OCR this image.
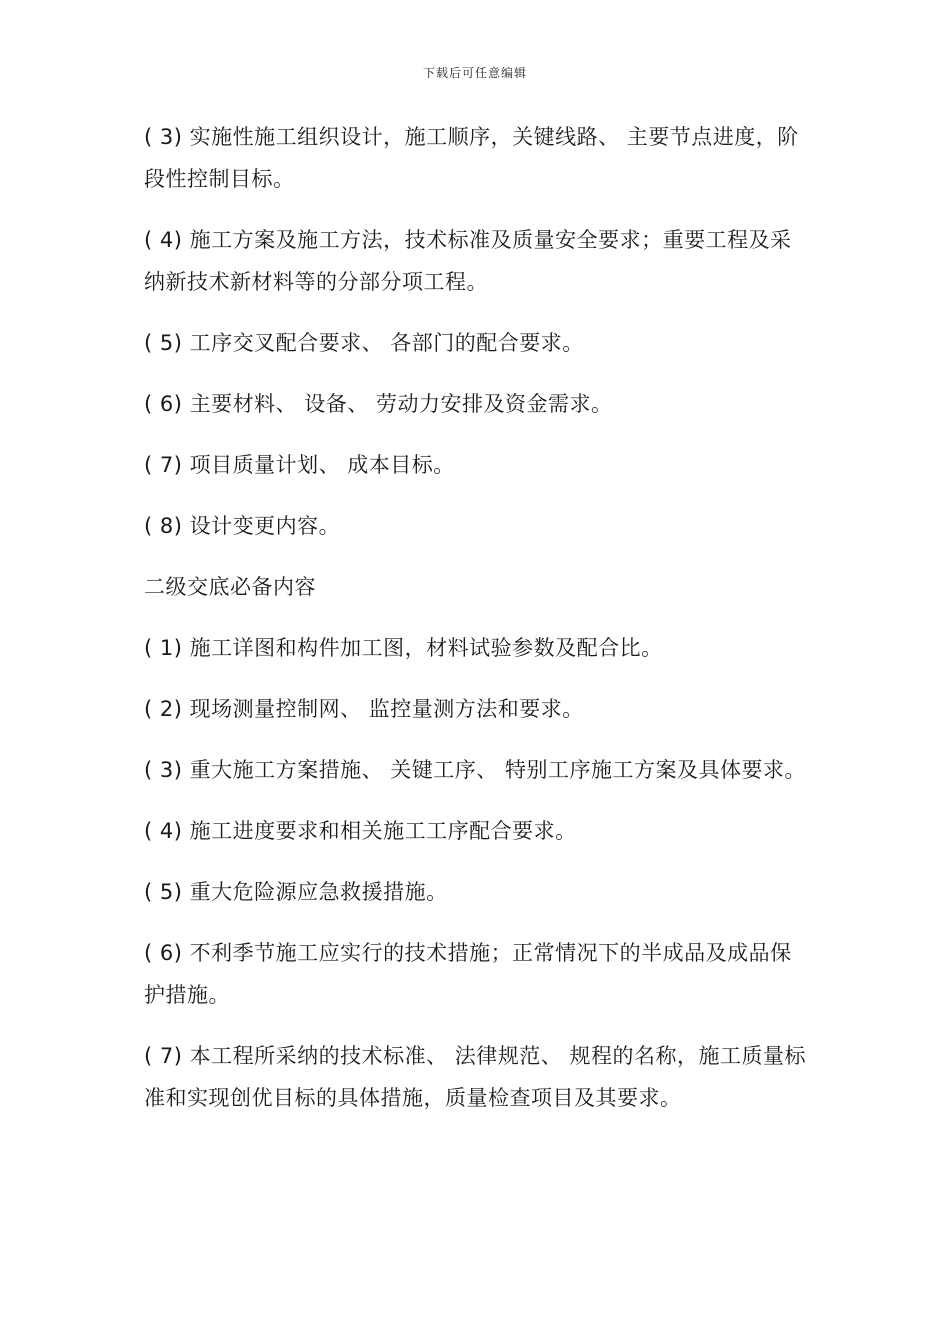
下载后可任意编辑

( 3) 实施性施工组织设计，施工顺序，关键线路、 主要节点进度，阶段性控制目标。

( 4) 施工方案及施工方法，技术标准及质量安全要求；重要工程及采纳新技术新材料等的分部分项工程。

( 5) 工序交叉配合要求、 各部门的配合要求。

( 6) 主要材料、 设备、 劳动力安排及资金需求。

( 7) 项目质量计划、 成本目标。

( 8) 设计变更内容。

二级交底必备内容

( 1) 施工详图和构件加工图，材料试验参数及配合比。

( 2) 现场测量控制网、 监控量测方法和要求。

( 3) 重大施工方案措施、 关键工序、 特别工序施工方案及具体要求。

( 4) 施工进度要求和相关施工工序配合要求。

( 5) 重大危险源应急救援措施。

( 6) 不利季节施工应实行的技术措施；正常情况下的半成品及成品保护措施。

( 7) 本工程所采纳的技术标准、 法律规范、 规程的名称，施工质量标准和实现创优目标的具体措施，质量检查项目及其要求。
